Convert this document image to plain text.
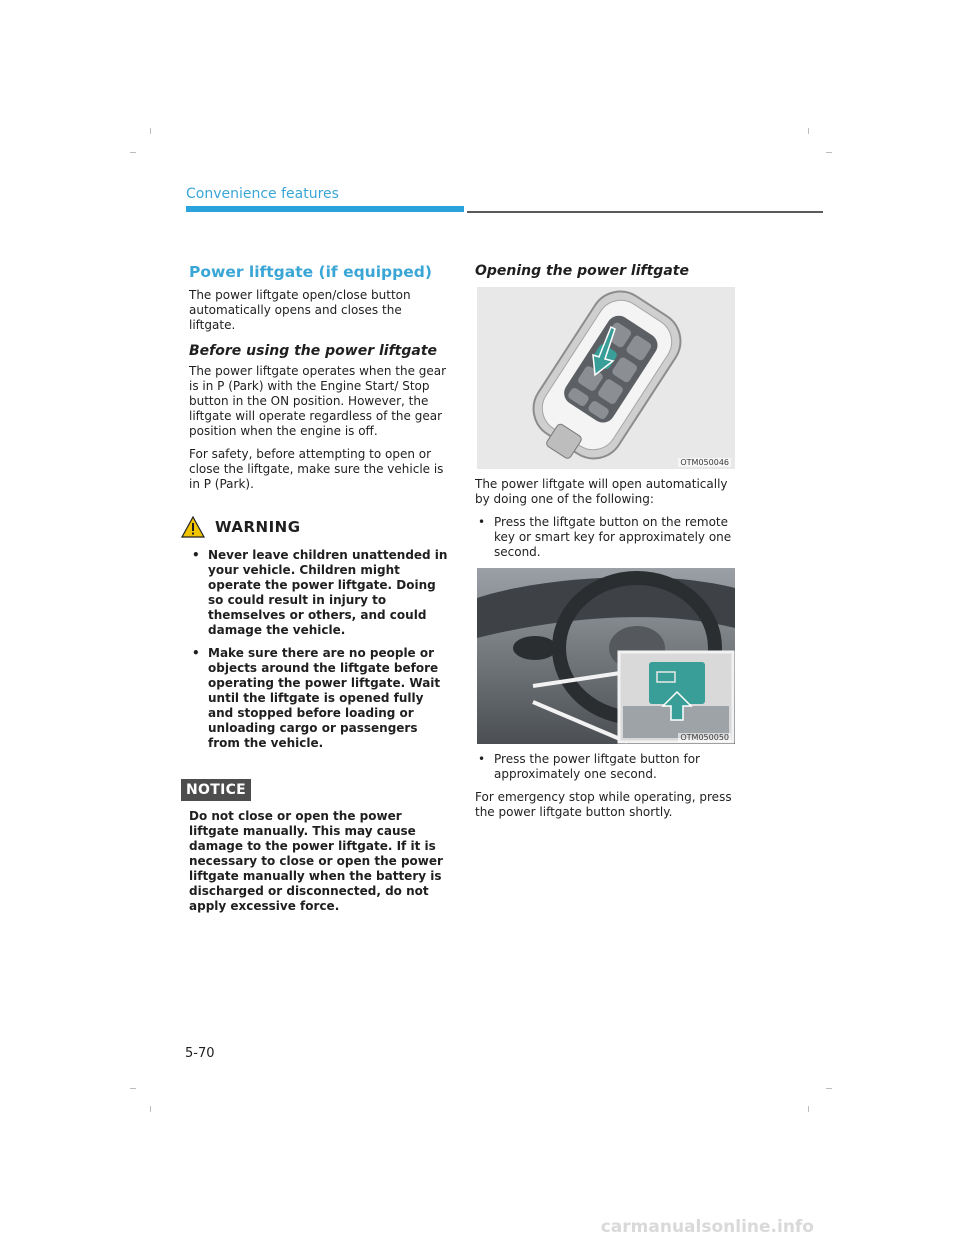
Convenience features
Power liftgate (if equipped)

The power liftgate open/close button automatically opens and closes the liftgate.

Before using the power liftgate

The power liftgate operates when the gear is in P (Park) with the Engine Start/ Stop button in the ON position. However, the liftgate will operate regardless of the gear position when the engine is off.

For safety, before attempting to open or close the liftgate, make sure the vehicle is in P (Park).

WARNING
• Never leave children unattended in your vehicle. Children might operate the power liftgate. Doing so could result in injury to themselves or others, and could damage the vehicle.
• Make sure there are no people or objects around the liftgate before operating the power liftgate. Wait until the liftgate is opened fully and stopped before loading or unloading cargo or passengers from the vehicle.
NOTICE

Do not close or open the power liftgate manually. This may cause damage to the power liftgate. If it is necessary to close or open the power liftgate manually when the battery is discharged or disconnected, do not apply excessive force.

Opening the power liftgate
OTM050046

The power liftgate will open automatically by doing one of the following:

• Press the liftgate button on the remote key or smart key for approximately one second.
OTM050050
• Press the power liftgate button for approximately one second.

For emergency stop while operating, press the power liftgate button shortly.

5-70
carmanualsonline.info
